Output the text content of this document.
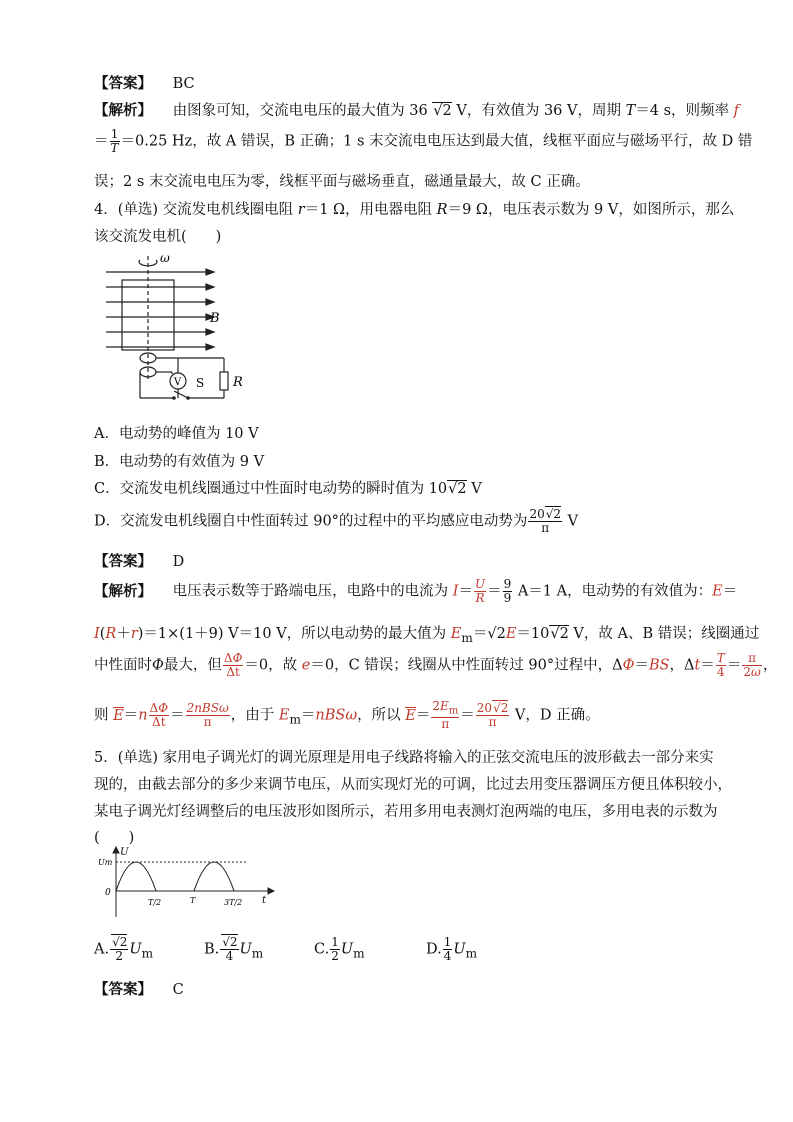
【答案】 BC
【解析】 由图象可知，交流电电压的最大值为 36 √2 V，有效值为 36 V，周期 T＝4 s，则频率 f
＝ $\frac{1}{T} =0.25$ Hz，故 A 错误，B 正确；1 s 末交流电电压达到最大值，线框平面应与磁场平行，故 D 错
误；2 s 末交流电电压为零，线框平面与磁场垂直，磁通量最大，故 C 正确。
4．(单选) 交流发电机线圈电阻 r＝1 Ω，用电器电阻 R＝9 Ω，电压表示数为 9 V，如图所示，那么
该交流发电机(　　)
ω
B
V S R
A．电动势的峰值为 10 V
B．电动势的有效值为 9 V
C．交流发电机线圈通过中性面时电动势的瞬时值为 10√2 V
D．交流发电机线圈自中性面转过 90°的过程中的平均感应电动势为 $\frac{20√2}{\pi}$ V
【答案】 D
【解析】 电压表示数等于路端电压，电路中的电流为 $I= \frac{U}{R} = \frac{9}{9} A=1$ A，电动势的有效值为：E＝
I(R＋r)＝1×(1＋9) V＝10 V，所以电动势的最大值为 $E_m=√2E=10√2$ V，故 A、B 错误；线圈通过
中性面时Φ最大，但 $\frac{\Delta\Phi}{\Delta t} =0$，故 e＝0，C 错误；线圈从中性面转过 90°过程中，ΔΦ＝BS，$\Delta t= \frac{T}{4} = \frac{\pi}{2\omega}$ ，
则 $E=n \frac{\Delta\Phi}{\Delta t} = \frac{\text{2nBSω}}{\pi}$ ，由于 $E_m=nBS\omega$，所以 $E= \frac{2E_m}{\pi} = \frac{20√2}{\pi}$ V，D 正确。
5．(单选) 家用电子调光灯的调光原理是用电子线路将输入的正弦交流电压的波形截去一部分来实
现的，由截去部分的多少来调节电压，从而实现灯光的可调，比过去用变压器调压方便且体积较小，
某电子调光灯经调整后的电压波形如图所示，若用多用电表测灯泡两端的电压，多用电表的示数为
(　　)
U
t
Um
0
T/2	T	3T/2
A. $\frac{√2}{2} U_m$	B. $\frac{√2}{4} U_m$	C. $\frac{1}{2} U_m$	D. $\frac{1}{4} U_m$
【答案】 C
